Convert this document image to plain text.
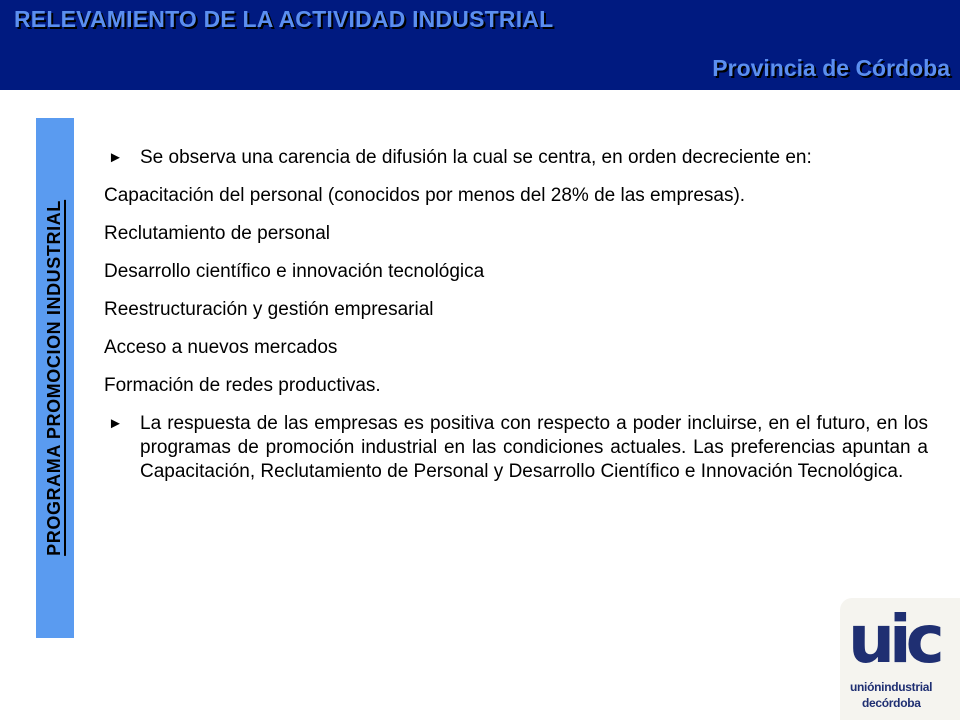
RELEVAMIENTO DE LA ACTIVIDAD INDUSTRIAL
Provincia de Córdoba
PROGRAMA PROMOCION INDUSTRIAL
► Se observa una carencia de difusión la cual se centra, en orden decreciente en:
Capacitación del personal (conocidos por menos del 28% de las empresas).
Reclutamiento de personal
Desarrollo científico e innovación tecnológica
Reestructuración y gestión empresarial
Acceso a nuevos mercados
Formación de redes productivas.
► La respuesta de las empresas es positiva con respecto a poder incluirse, en el futuro, en los programas de promoción industrial en las condiciones actuales. Las preferencias apuntan a Capacitación, Reclutamiento de Personal y Desarrollo Científico e Innovación Tecnológica.
uic
uniónindustrial
decórdoba
